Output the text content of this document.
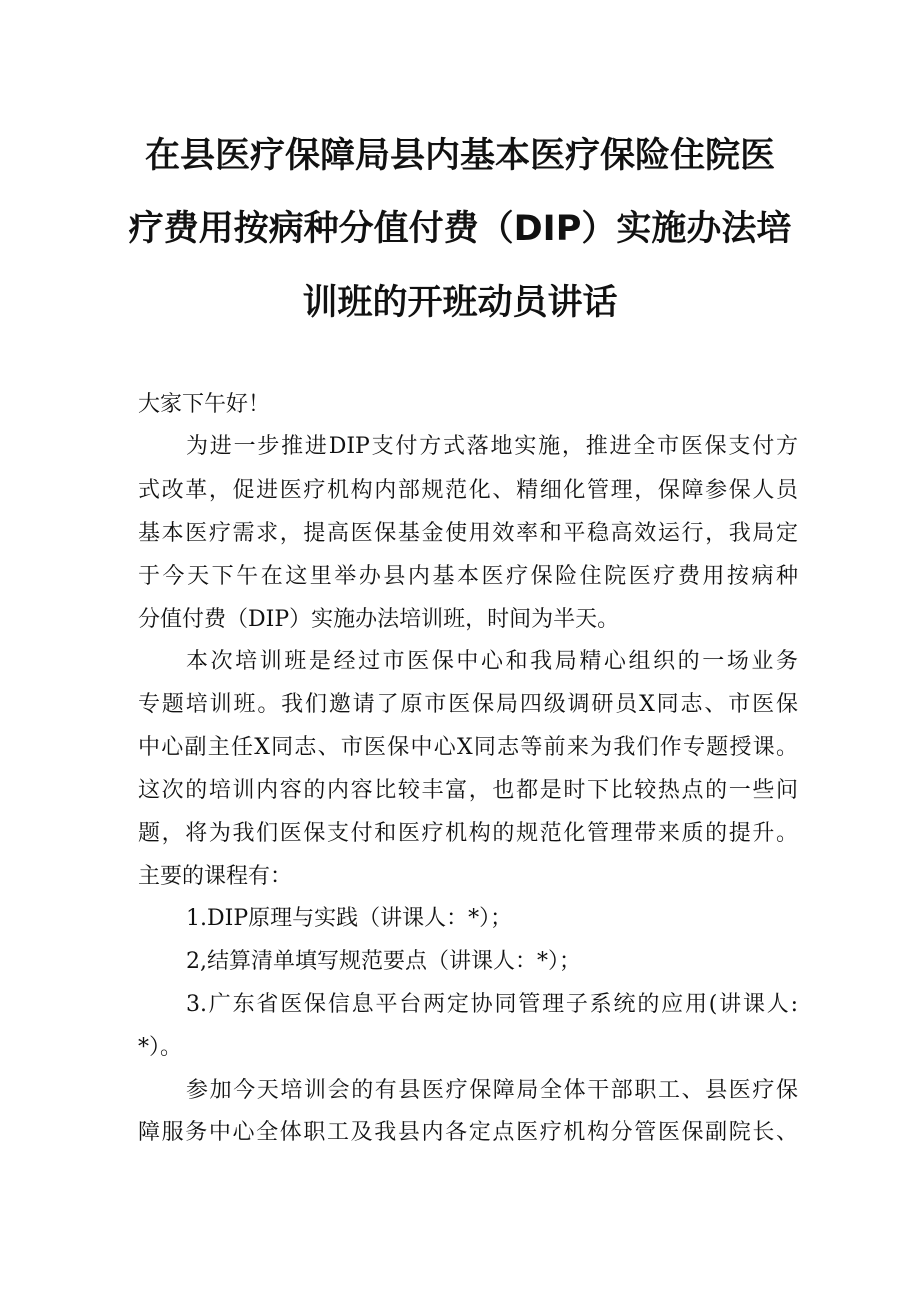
在县医疗保障局县内基本医疗保险住院医
疗费用按病种分值付费（DIP）实施办法培
训班的开班动员讲话
大家下午好！
为进一步推进DIP支付方式落地实施，推进全市医保支付方
式改革，促进医疗机构内部规范化、精细化管理，保障参保人员
基本医疗需求，提高医保基金使用效率和平稳高效运行，我局定
于今天下午在这里举办县内基本医疗保险住院医疗费用按病种
分值付费（DIP）实施办法培训班，时间为半天。
本次培训班是经过市医保中心和我局精心组织的一场业务
专题培训班。我们邀请了原市医保局四级调研员X同志、市医保
中心副主任X同志、市医保中心X同志等前来为我们作专题授课。
这次的培训内容的内容比较丰富，也都是时下比较热点的一些问
题，将为我们医保支付和医疗机构的规范化管理带来质的提升。
主要的课程有：
1.DIP原理与实践（讲课人：*）；
2,结算清单填写规范要点（讲课人：*）；
3.广东省医保信息平台两定协同管理子系统的应用(讲课人:
*）。
参加今天培训会的有县医疗保障局全体干部职工、县医疗保
障服务中心全体职工及我县内各定点医疗机构分管医保副院长、
